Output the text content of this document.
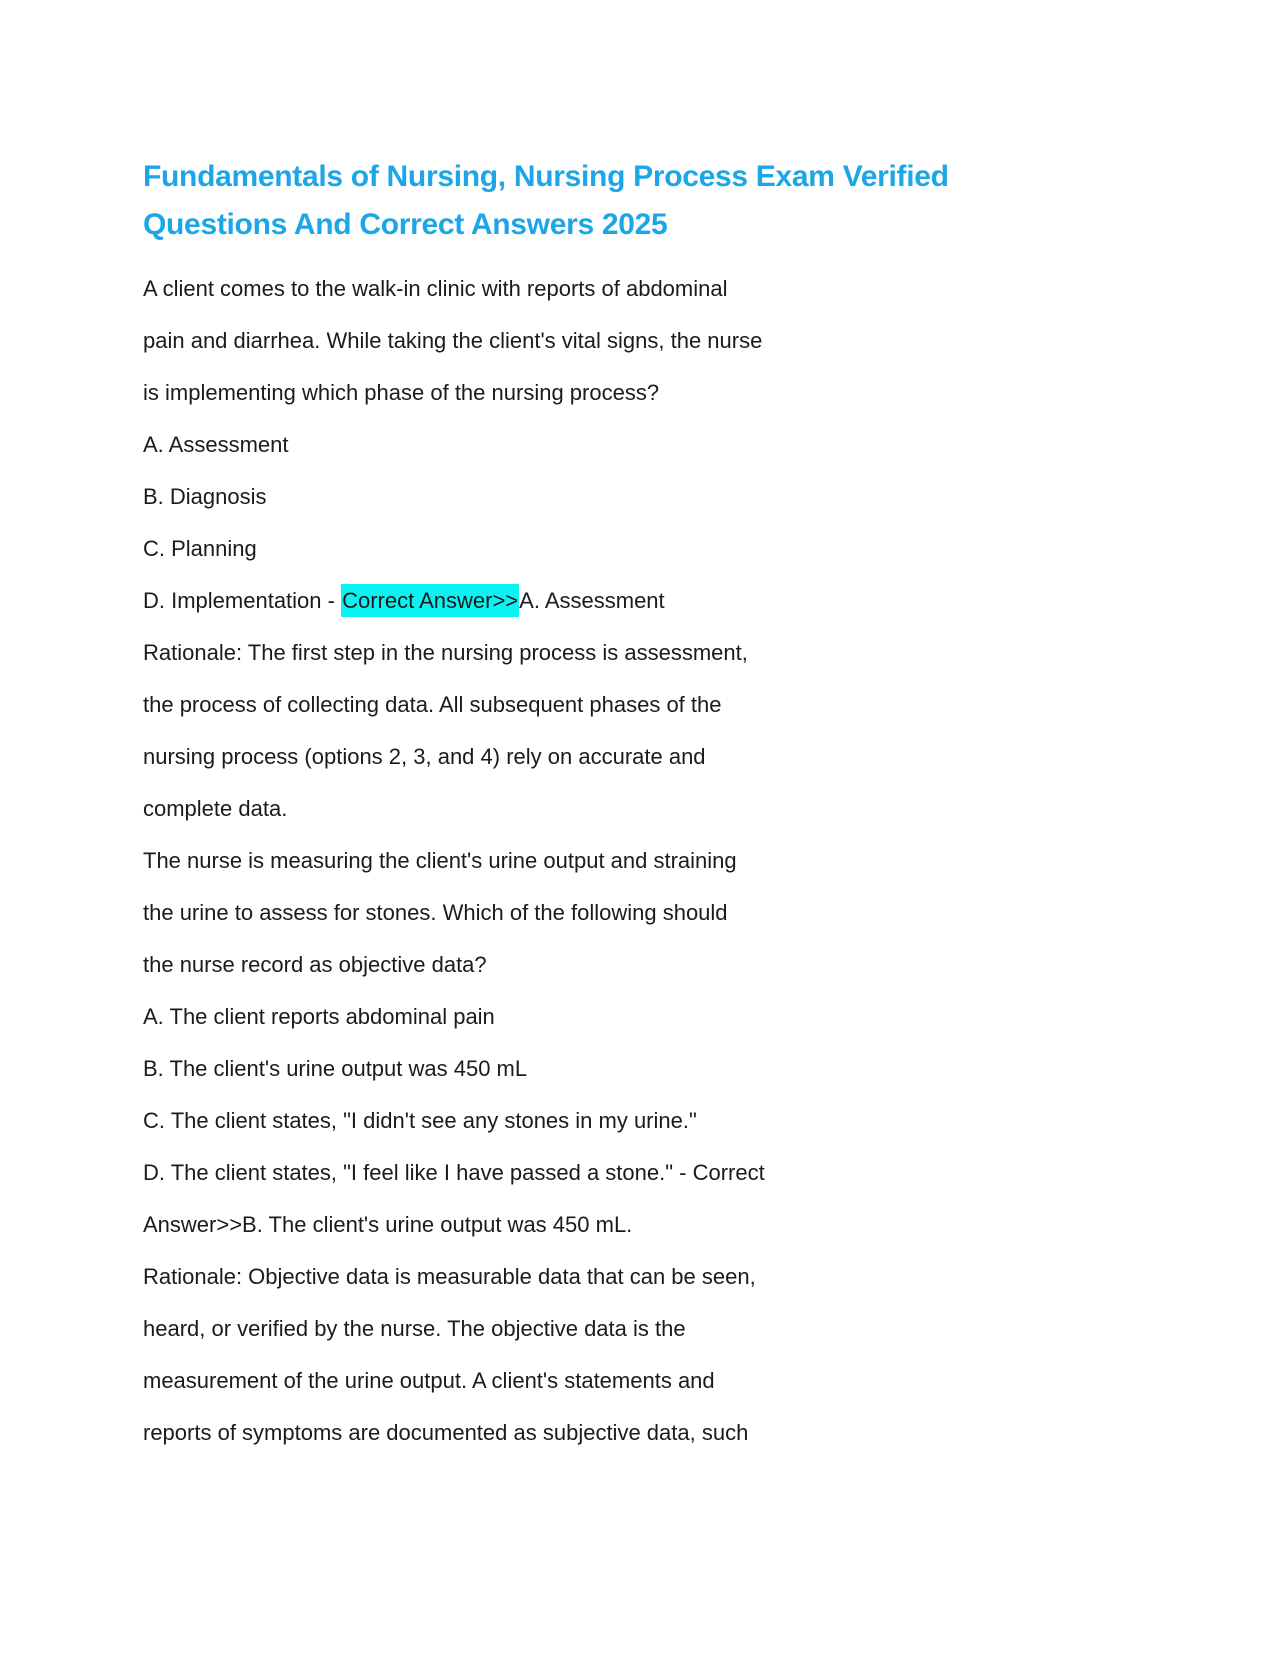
Fundamentals of Nursing, Nursing Process Exam Verified
Questions And Correct Answers 2025
A client comes to the walk-in clinic with reports of abdominal
pain and diarrhea. While taking the client's vital signs, the nurse
is implementing which phase of the nursing process?
A. Assessment
B. Diagnosis
C. Planning
D. Implementation - Correct Answer>>A. Assessment
Rationale: The first step in the nursing process is assessment,
the process of collecting data. All subsequent phases of the
nursing process (options 2, 3, and 4) rely on accurate and
complete data.
The nurse is measuring the client's urine output and straining
the urine to assess for stones. Which of the following should
the nurse record as objective data?
A. The client reports abdominal pain
B. The client's urine output was 450 mL
C. The client states, "I didn't see any stones in my urine."
D. The client states, "I feel like I have passed a stone." - Correct
Answer>>B. The client's urine output was 450 mL.
Rationale: Objective data is measurable data that can be seen,
heard, or verified by the nurse. The objective data is the
measurement of the urine output. A client's statements and
reports of symptoms are documented as subjective data, such
